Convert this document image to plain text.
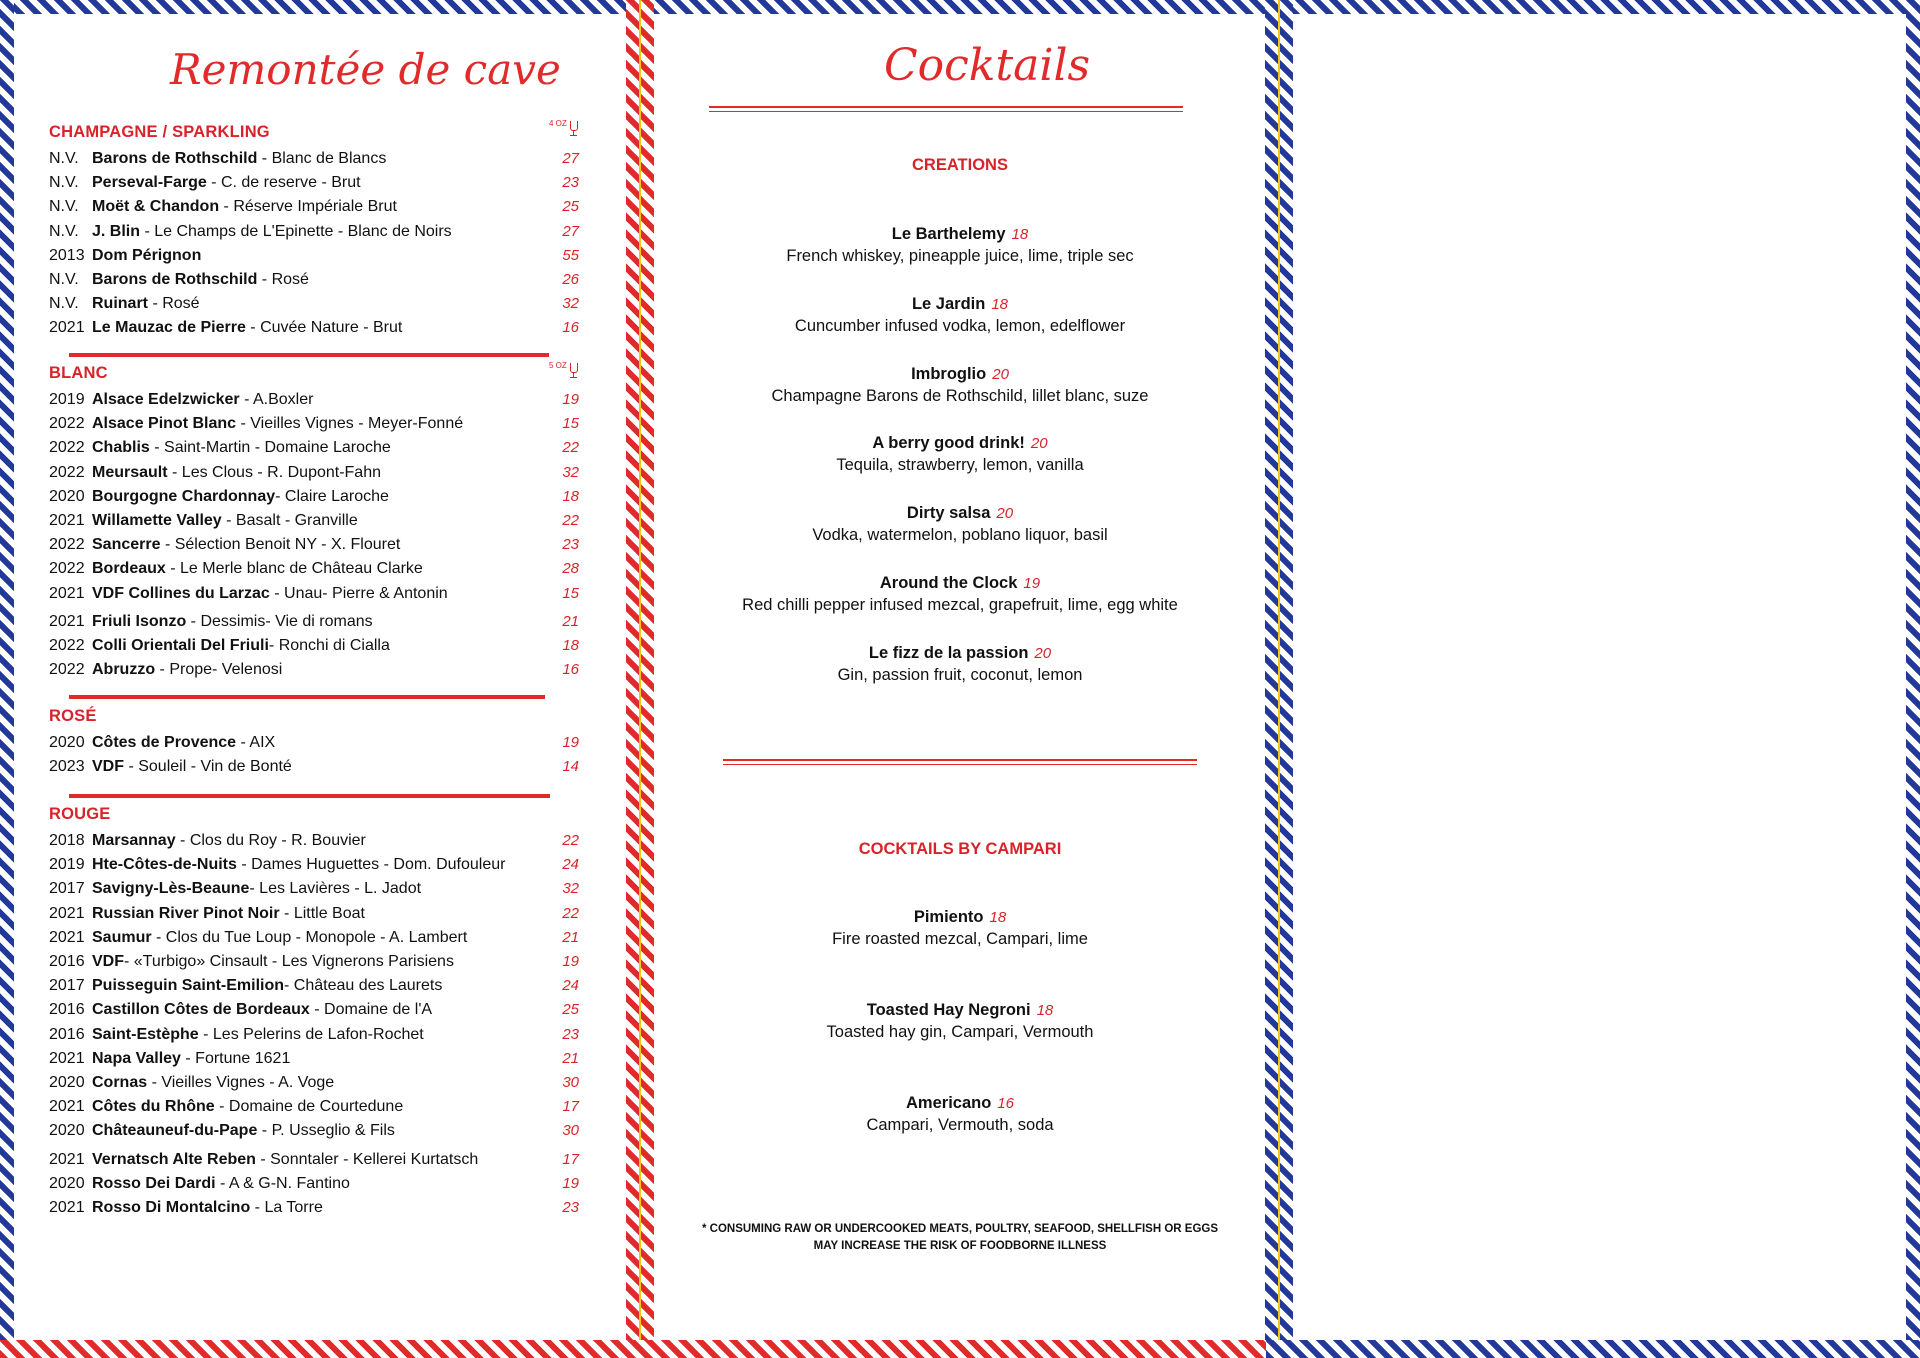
Remontée de cave
4 OZ
5 OZ
CHAMPAGNE / SPARKLING
N.V. Barons de Rothschild - Blanc de Blancs	27
N.V. Perseval-Farge - C. de reserve - Brut	23
N.V. Moët & Chandon - Réserve Impériale Brut	25
N.V. J. Blin - Le Champs de L'Epinette - Blanc de Noirs	27
2013 Dom Pérignon	55
N.V. Barons de Rothschild - Rosé	26
N.V. Ruinart - Rosé	32
2021 Le Mauzac de Pierre - Cuvée Nature - Brut	16
BLANC
2019 Alsace Edelzwicker - A.Boxler	19
2022 Alsace Pinot Blanc - Vieilles Vignes - Meyer-Fonné	15
2022 Chablis - Saint-Martin - Domaine Laroche	22
2022 Meursault - Les Clous - R. Dupont-Fahn	32
2020 Bourgogne Chardonnay- Claire Laroche	18
2021 Willamette Valley - Basalt - Granville	22
2022 Sancerre - Sélection Benoit NY - X. Flouret	23
2022 Bordeaux - Le Merle blanc de Château Clarke	28
2021 VDF Collines du Larzac - Unau- Pierre & Antonin	15
2021 Friuli Isonzo - Dessimis- Vie di romans	21
2022 Colli Orientali Del Friuli- Ronchi di Cialla	18
2022 Abruzzo - Prope- Velenosi	16
ROSÉ
2020 Côtes de Provence - AIX	19
2023 VDF - Souleil - Vin de Bonté	14
ROUGE
2018 Marsannay - Clos du Roy - R. Bouvier	22
2019 Hte-Côtes-de-Nuits - Dames Huguettes - Dom. Dufouleur	24
2017 Savigny-Lès-Beaune- Les Lavières - L. Jadot	32
2021 Russian River Pinot Noir - Little Boat	22
2021 Saumur - Clos du Tue Loup - Monopole - A. Lambert	21
2016 VDF- «Turbigo» Cinsault - Les Vignerons Parisiens	19
2017 Puisseguin Saint-Emilion- Château des Laurets	24
2016 Castillon Côtes de Bordeaux - Domaine de l'A	25
2016 Saint-Estèphe - Les Pelerins de Lafon-Rochet	23
2021 Napa Valley - Fortune 1621	21
2020 Cornas - Vieilles Vignes - A. Voge	30
2021 Côtes du Rhône - Domaine de Courtedune	17
2020 Châteauneuf-du-Pape - P. Usseglio & Fils	30
2021 Vernatsch Alte Reben - Sonntaler - Kellerei Kurtatsch	17
2020 Rosso Dei Dardi - A & G-N. Fantino	19
2021 Rosso Di Montalcino - La Torre	23
Cocktails
CREATIONS
Le Barthelemy 18
French whiskey, pineapple juice, lime, triple sec
Le Jardin 18
Cuncumber infused vodka, lemon, edelflower
Imbroglio 20
Champagne Barons de Rothschild, lillet blanc, suze
A berry good drink! 20
Tequila, strawberry, lemon, vanilla
Dirty salsa 20
Vodka, watermelon, poblano liquor, basil
Around the Clock 19
Red chilli pepper infused mezcal, grapefruit, lime, egg white
Le fizz de la passion 20
Gin, passion fruit, coconut, lemon
COCKTAILS BY CAMPARI
Pimiento 18
Fire roasted mezcal, Campari, lime
Toasted Hay Negroni 18
Toasted hay gin, Campari, Vermouth
Americano 16
Campari, Vermouth, soda
* CONSUMING RAW OR UNDERCOOKED MEATS, POULTRY, SEAFOOD, SHELLFISH OR EGGS
MAY INCREASE THE RISK OF FOODBORNE ILLNESS
